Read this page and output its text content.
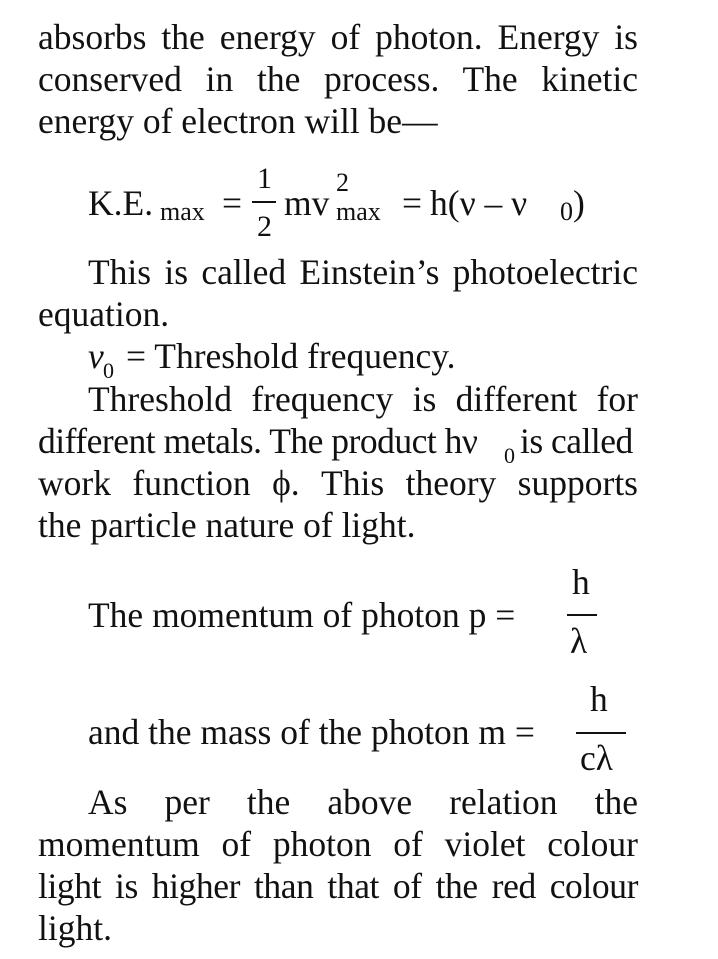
absorbs the energy of photon. Energy is
conserved in the process. The kinetic
energy of electron will be—
K.E. max =
1
2
mv
2
max = h(ν – ν 0 )
This is called Einstein’s photoelectric
equation.
ν 0 = Threshold frequency.
Threshold frequency is different for
different metals. The product hν 0 is called
work function ϕ. This theory supports
the particle nature of light.
The momentum of photon p =
h
λ
and the mass of the photon m =
h
cλ
As per the above relation the
momentum of photon of violet colour
light is higher than that of the red colour
light.
